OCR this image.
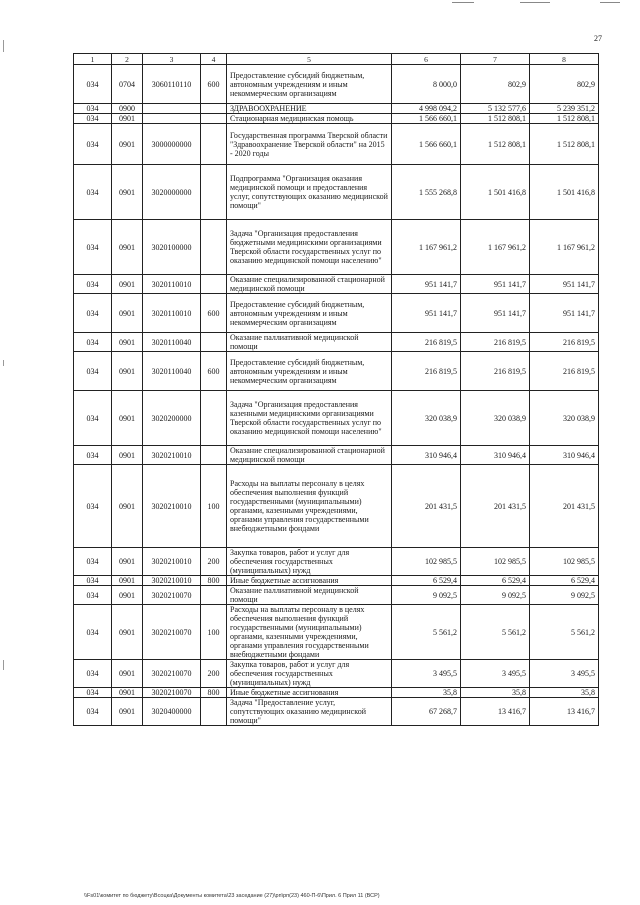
27
1	2	3	4	5	6	7	8
034	0704	3060110110	600	Предоставление субсидий бюджетным, автономным учреждениям и иным некоммерческим организациям	8 000,0	802,9	802,9
034	0900			ЗДРАВООХРАНЕНИЕ	4 998 094,2	5 132 577,6	5 239 351,2
034	0901			Стационарная медицинская помощь	1 566 660,1	1 512 808,1	1 512 808,1
034	0901	3000000000		Государственная программа Тверской области "Здравоохранение Тверской области" на 2015 - 2020 годы	1 566 660,1	1 512 808,1	1 512 808,1
034	0901	3020000000		Подпрограмма "Организация оказания медицинской помощи и предоставления услуг, сопутствующих оказанию медицинской помощи"	1 555 268,8	1 501 416,8	1 501 416,8
034	0901	3020100000		Задача "Организация предоставления бюджетными медицинскими организациями Тверской области государственных услуг по оказанию медицинской помощи населению"	1 167 961,2	1 167 961,2	1 167 961,2
034	0901	3020110010		Оказание специализированной стационарной медицинской помощи	951 141,7	951 141,7	951 141,7
034	0901	3020110010	600	Предоставление субсидий бюджетным, автономным учреждениям и иным некоммерческим организациям	951 141,7	951 141,7	951 141,7
034	0901	3020110040		Оказание паллиативной медицинской помощи	216 819,5	216 819,5	216 819,5
034	0901	3020110040	600	Предоставление субсидий бюджетным, автономным учреждениям и иным некоммерческим организациям	216 819,5	216 819,5	216 819,5
034	0901	3020200000		Задача "Организация предоставления казенными медицинскими организациями Тверской области государственных услуг по оказанию медицинской помощи населению"	320 038,9	320 038,9	320 038,9
034	0901	3020210010		Оказание специализированной стационарной медицинской помощи	310 946,4	310 946,4	310 946,4
034	0901	3020210010	100	Расходы на выплаты персоналу в целях обеспечения выполнения функций государственными (муниципальными) органами, казенными учреждениями, органами управления государственными внебюджетными фондами	201 431,5	201 431,5	201 431,5
034	0901	3020210010	200	Закупка товаров, работ и услуг для обеспечения государственных (муниципальных) нужд	102 985,5	102 985,5	102 985,5
034	0901	3020210010	800	Иные бюджетные ассигнования	6 529,4	6 529,4	6 529,4
034	0901	3020210070		Оказание паллиативной медицинской помощи	9 092,5	9 092,5	9 092,5
034	0901	3020210070	100	Расходы на выплаты персоналу в целях обеспечения выполнения функций государственными (муниципальными) органами, казенными учреждениями, органами управления государственными внебюджетными фондами	5 561,2	5 561,2	5 561,2
034	0901	3020210070	200	Закупка товаров, работ и услуг для обеспечения государственных (муниципальных) нужд	3 495,5	3 495,5	3 495,5
034	0901	3020210070	800	Иные бюджетные ассигнования	35,8	35,8	35,8
034	0901	3020400000		Задача "Предоставление услуг, сопутствующих оказанию медицинской помощи"	67 268,7	13 416,7	13 416,7
\\Fs01\комитет по бюджету\Всоцка\Документы комитета\23 заседание (27)\рп\рп(23) 460-П-6\Прил. 6 Прил 11 (ВСР)
